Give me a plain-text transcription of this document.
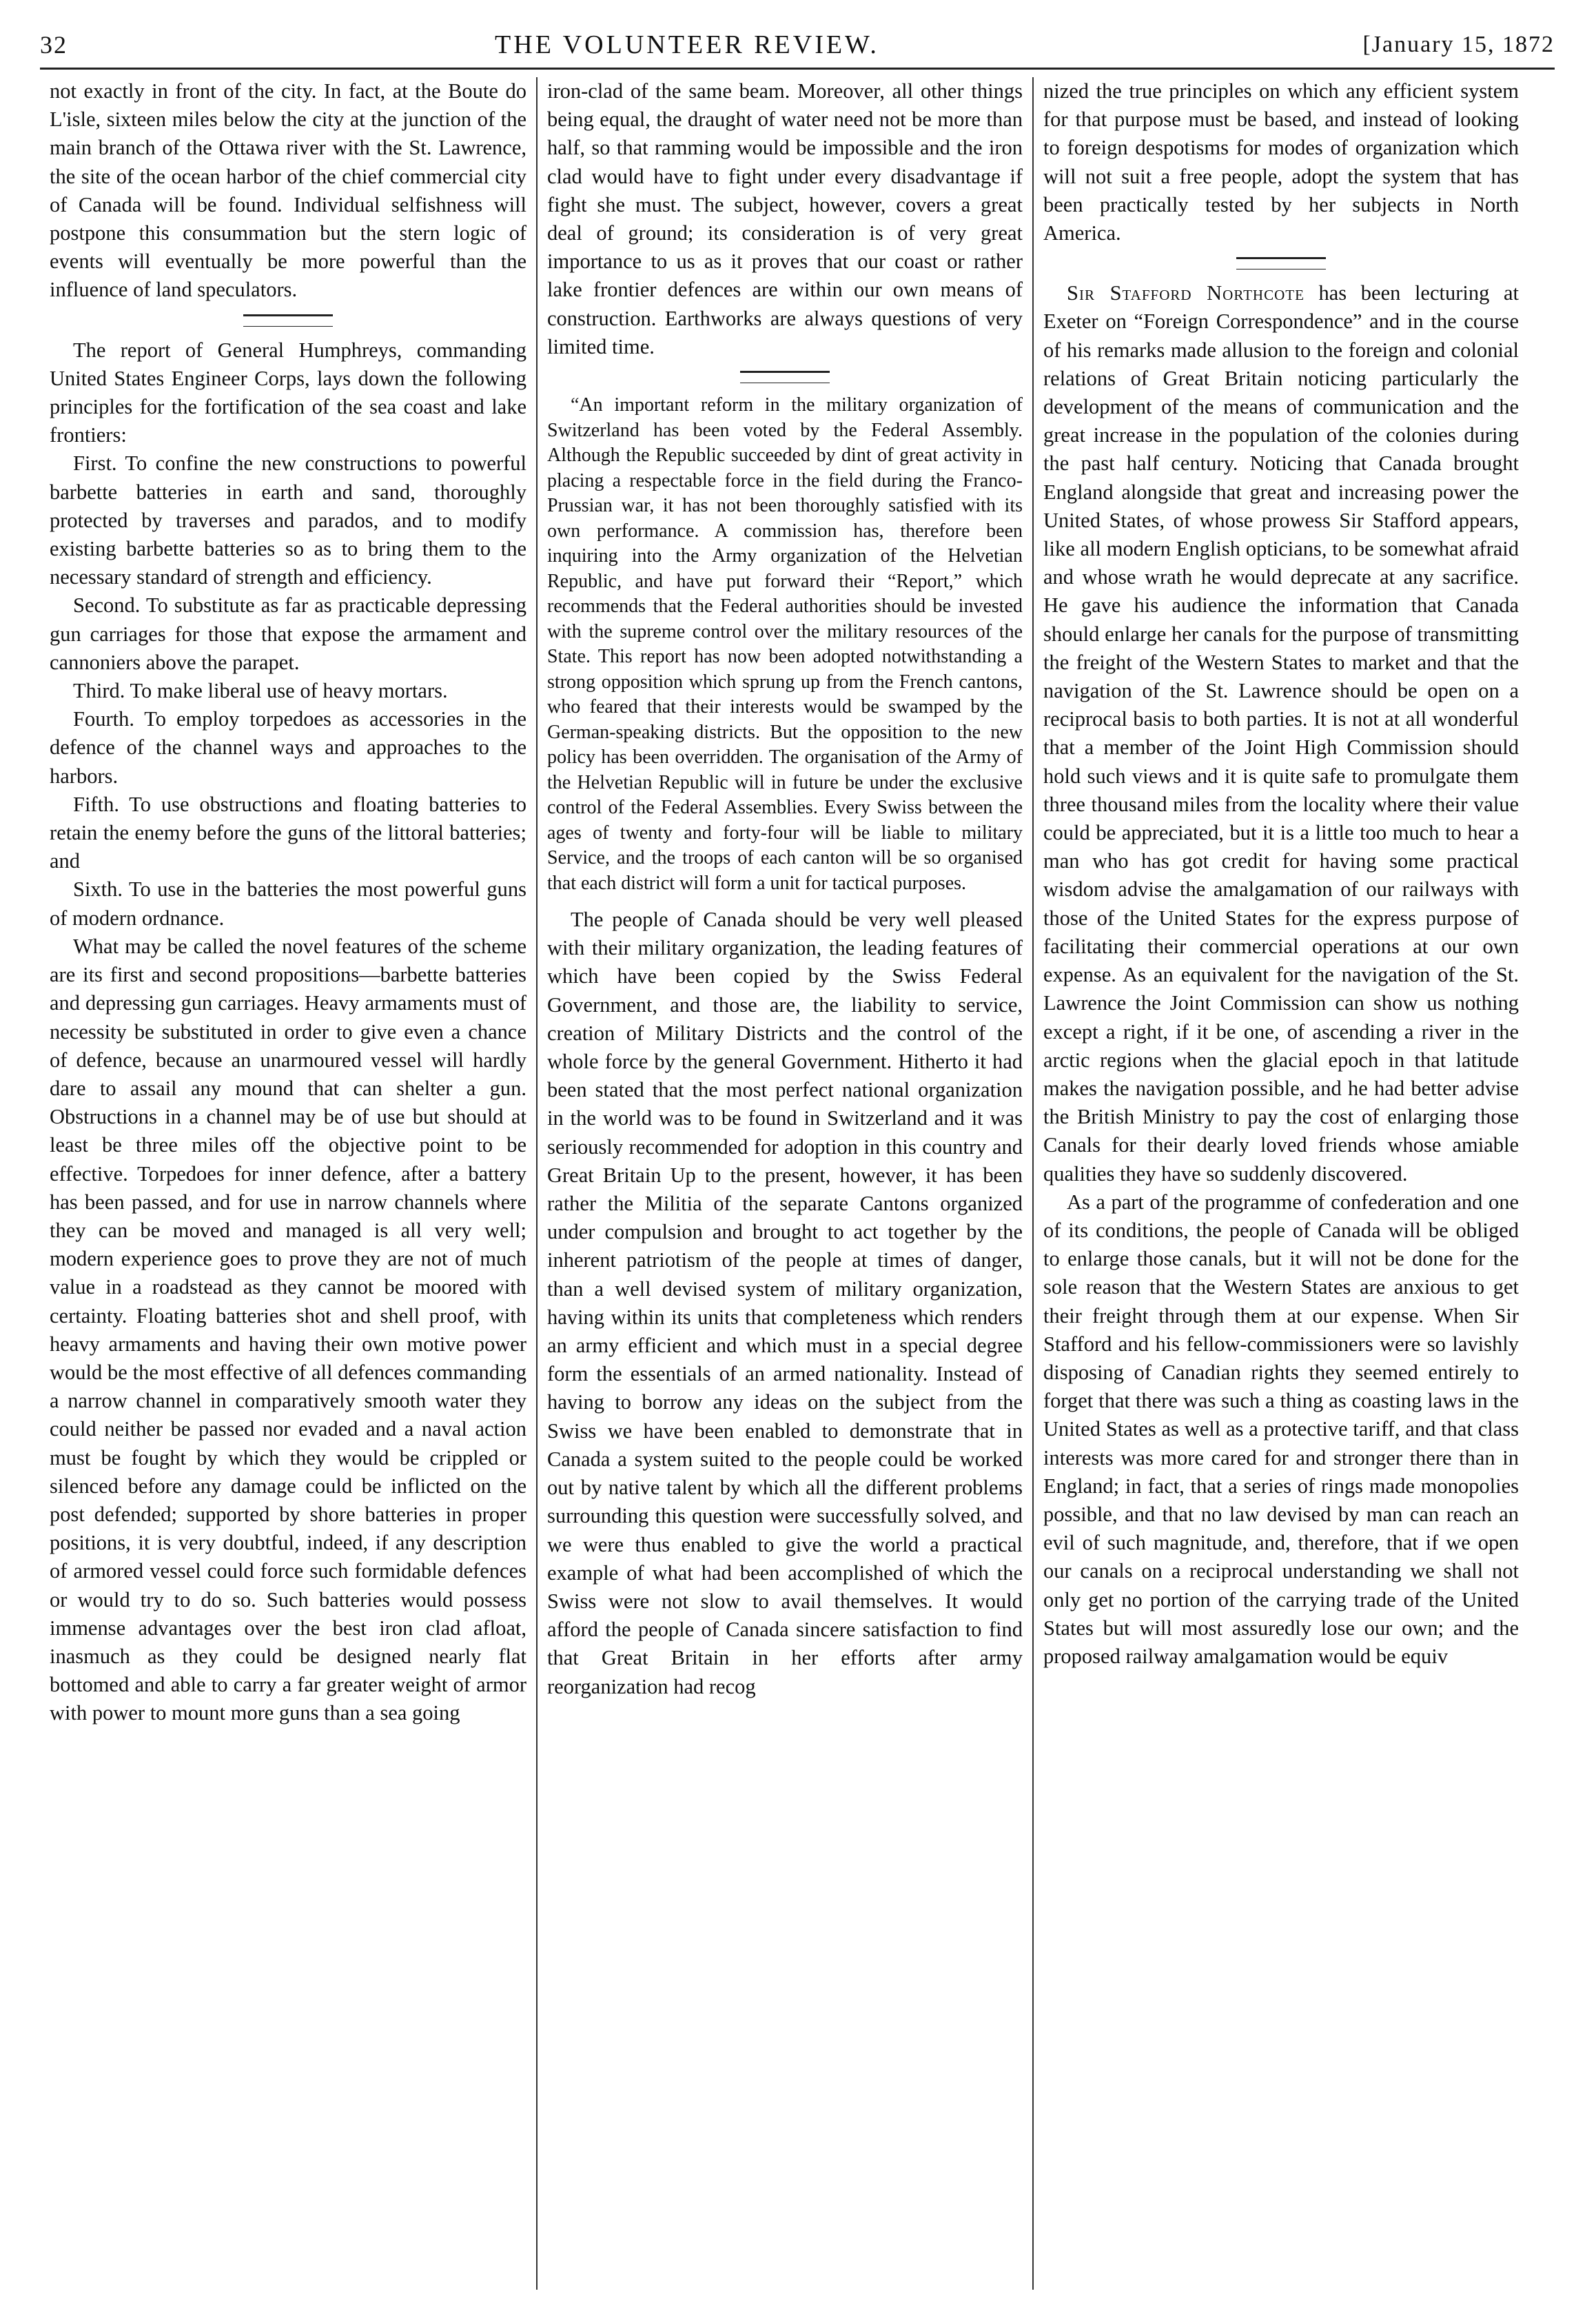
32	THE VOLUNTEER REVIEW.	[January 15, 1872

not exactly in front of the city. In fact, at the Boute do L'isle, sixteen miles below the city at the junction of the main branch of the Ottawa river with the St. Lawrence, the site of the ocean harbor of the chief commercial city of Canada will be found. Individual selfishness will postpone this consummation but the stern logic of events will eventually be more powerful than the influence of land speculators.

The report of General Humphreys, commanding United States Engineer Corps, lays down the following principles for the fortification of the sea coast and lake frontiers:

First. To confine the new constructions to powerful barbette batteries in earth and sand, thoroughly protected by traverses and parados, and to modify existing barbette batteries so as to bring them to the necessary standard of strength and efficiency.

Second. To substitute as far as practicable depressing gun carriages for those that expose the armament and cannoniers above the parapet.

Third. To make liberal use of heavy mortars.

Fourth. To employ torpedoes as accessories in the defence of the channel ways and approaches to the harbors.

Fifth. To use obstructions and floating batteries to retain the enemy before the guns of the littoral batteries; and

Sixth. To use in the batteries the most powerful guns of modern ordnance.

What may be called the novel features of the scheme are its first and second propositions—barbette batteries and depressing gun carriages. Heavy armaments must of necessity be substituted in order to give even a chance of defence, because an unarmoured vessel will hardly dare to assail any mound that can shelter a gun. Obstructions in a channel may be of use but should at least be three miles off the objective point to be effective. Torpedoes for inner defence, after a battery has been passed, and for use in narrow channels where they can be moved and managed is all very well; modern experience goes to prove they are not of much value in a roadstead as they cannot be moored with certainty. Floating batteries shot and shell proof, with heavy armaments and having their own motive power would be the most effective of all defences commanding a narrow channel in comparatively smooth water they could neither be passed nor evaded and a naval action must be fought by which they would be crippled or silenced before any damage could be inflicted on the post defended; supported by shore batteries in proper positions, it is very doubtful, indeed, if any description of armored vessel could force such formidable defences or would try to do so. Such batteries would possess immense advantages over the best iron clad afloat, inasmuch as they could be designed nearly flat bottomed and able to carry a far greater weight of armor with power to mount more guns than a sea going

iron-clad of the same beam. Moreover, all other things being equal, the draught of water need not be more than half, so that ramming would be impossible and the iron clad would have to fight under every disadvantage if fight she must. The subject, however, covers a great deal of ground; its consideration is of very great importance to us as it proves that our coast or rather lake frontier defences are within our own means of construction. Earthworks are always questions of very limited time.

“An important reform in the military organization of Switzerland has been voted by the Federal Assembly. Although the Republic succeeded by dint of great activity in placing a respectable force in the field during the Franco-Prussian war, it has not been thoroughly satisfied with its own performance. A commission has, therefore been inquiring into the Army organization of the Helvetian Republic, and have put forward their “Report,” which recommends that the Federal authorities should be invested with the supreme control over the military resources of the State. This report has now been adopted notwithstanding a strong opposition which sprung up from the French cantons, who feared that their interests would be swamped by the German-speaking districts. But the opposition to the new policy has been overridden. The organisation of the Army of the Helvetian Republic will in future be under the exclusive control of the Federal Assemblies. Every Swiss between the ages of twenty and forty-four will be liable to military Service, and the troops of each canton will be so organised that each district will form a unit for tactical purposes.

The people of Canada should be very well pleased with their military organization, the leading features of which have been copied by the Swiss Federal Government, and those are, the liability to service, creation of Military Districts and the control of the whole force by the general Government. Hitherto it had been stated that the most perfect national organization in the world was to be found in Switzerland and it was seriously recommended for adoption in this country and Great Britain Up to the present, however, it has been rather the Militia of the separate Cantons organized under compulsion and brought to act together by the inherent patriotism of the people at times of danger, than a well devised system of military organization, having within its units that completeness which renders an army efficient and which must in a special degree form the essentials of an armed nationality. Instead of having to borrow any ideas on the subject from the Swiss we have been enabled to demonstrate that in Canada a system suited to the people could be worked out by native talent by which all the different problems surrounding this question were successfully solved, and we were thus enabled to give the world a practical example of what had been accomplished of which the Swiss were not slow to avail themselves. It would afford the people of Canada sincere satisfaction to find that Great Britain in her efforts after army reorganization had recog

nized the true principles on which any efficient system for that purpose must be based, and instead of looking to foreign despotisms for modes of organization which will not suit a free people, adopt the system that has been practically tested by her subjects in North America.

Sir Stafford Northcote has been lecturing at Exeter on “Foreign Correspondence” and in the course of his remarks made allusion to the foreign and colonial relations of Great Britain noticing particularly the development of the means of communication and the great increase in the population of the colonies during the past half century. Noticing that Canada brought England alongside that great and increasing power the United States, of whose prowess Sir Stafford appears, like all modern English opticians, to be somewhat afraid and whose wrath he would deprecate at any sacrifice. He gave his audience the information that Canada should enlarge her canals for the purpose of transmitting the freight of the Western States to market and that the navigation of the St. Lawrence should be open on a reciprocal basis to both parties. It is not at all wonderful that a member of the Joint High Commission should hold such views and it is quite safe to promulgate them three thousand miles from the locality where their value could be appreciated, but it is a little too much to hear a man who has got credit for having some practical wisdom advise the amalgamation of our railways with those of the United States for the express purpose of facilitating their commercial operations at our own expense. As an equivalent for the navigation of the St. Lawrence the Joint Commission can show us nothing except a right, if it be one, of ascending a river in the arctic regions when the glacial epoch in that latitude makes the navigation possible, and he had better advise the British Ministry to pay the cost of enlarging those Canals for their dearly loved friends whose amiable qualities they have so suddenly discovered.

As a part of the programme of confederation and one of its conditions, the people of Canada will be obliged to enlarge those canals, but it will not be done for the sole reason that the Western States are anxious to get their freight through them at our expense. When Sir Stafford and his fellow-commissioners were so lavishly disposing of Canadian rights they seemed entirely to forget that there was such a thing as coasting laws in the United States as well as a protective tariff, and that class interests was more cared for and stronger there than in England; in fact, that a series of rings made monopolies possible, and that no law devised by man can reach an evil of such magnitude, and, therefore, that if we open our canals on a reciprocal understanding we shall not only get no portion of the carrying trade of the United States but will most assuredly lose our own; and the proposed railway amalgamation would be equiv
